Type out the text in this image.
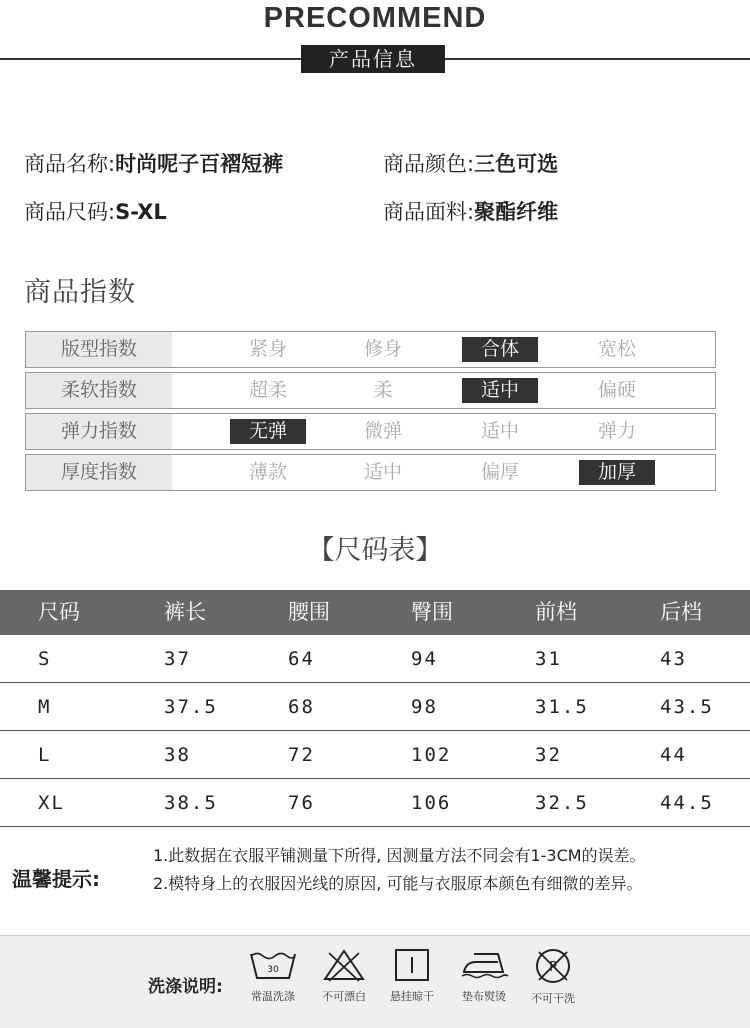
PRECOMMEND
产品信息
商品名称:时尚呢子百褶短裤	商品颜色:三色可选
商品尺码:S-XL	商品面料:聚酯纤维
商品指数
版型指数	紧身	修身	合体	宽松
柔软指数	超柔	柔	适中	偏硬
弹力指数	无弹	微弹	适中	弹力
厚度指数	薄款	适中	偏厚	加厚
【尺码表】
尺码	裤长	腰围	臀围	前档	后档
S	37	64	94	31	43
M	37.5	68	98	31.5	43.5
L	38	72	102	32	44
XL	38.5	76	106	32.5	44.5
温馨提示:
1.此数据在衣服平铺测量下所得, 因测量方法不同会有1-3CM的误差。
2.模特身上的衣服因光线的原因, 可能与衣服原本颜色有细微的差异。
洗涤说明:
30
常温洗涤	不可漂白	悬挂晾干	垫布熨烫
P
不可干洗
